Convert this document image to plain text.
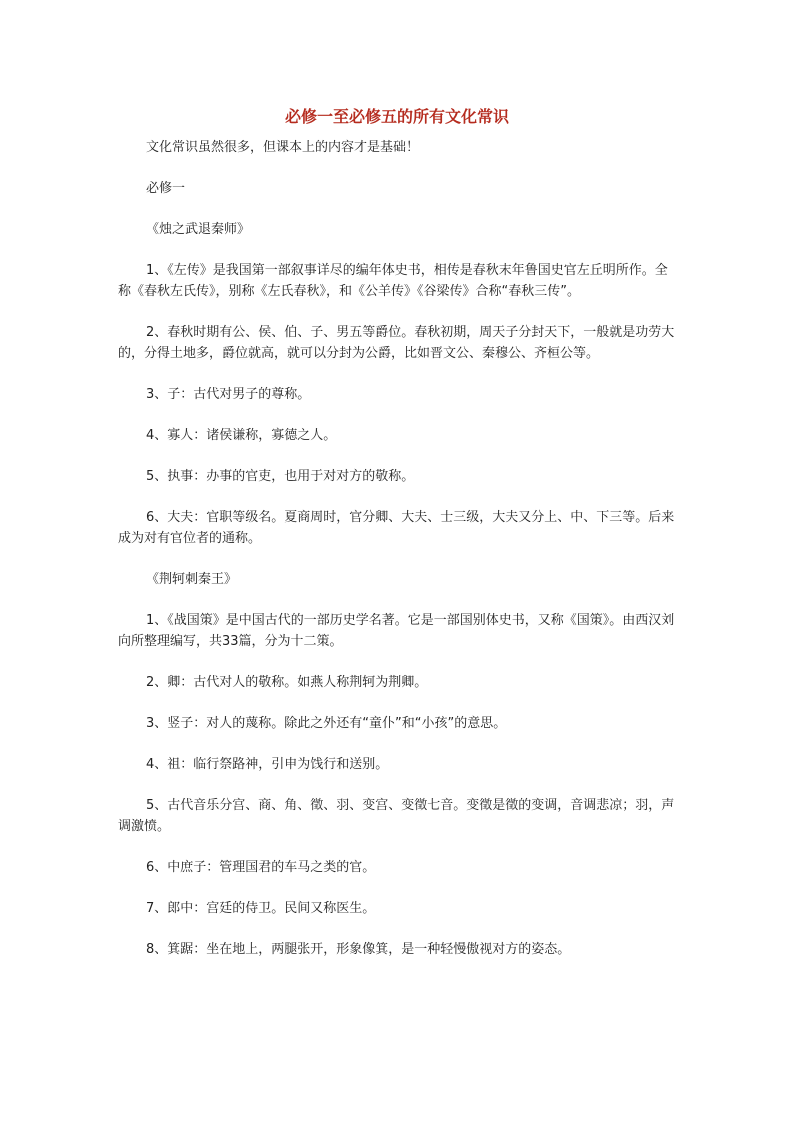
必修一至必修五的所有文化常识

文化常识虽然很多，但课本上的内容才是基础！

必修一

《烛之武退秦师》

1、《左传》是我国第一部叙事详尽的编年体史书，相传是春秋末年鲁国史官左丘明所作。全称《春秋左氏传》，别称《左氏春秋》，和《公羊传》《谷梁传》合称“春秋三传”。

2、春秋时期有公、侯、伯、子、男五等爵位。春秋初期，周天子分封天下，一般就是功劳大的，分得土地多，爵位就高，就可以分封为公爵，比如晋文公、秦穆公、齐桓公等。

3、子：古代对男子的尊称。

4、寡人：诸侯谦称，寡德之人。

5、执事：办事的官吏，也用于对对方的敬称。

6、大夫：官职等级名。夏商周时，官分卿、大夫、士三级，大夫又分上、中、下三等。后来成为对有官位者的通称。

《荆轲刺秦王》

1、《战国策》是中国古代的一部历史学名著。它是一部国别体史书，又称《国策》。由西汉刘向所整理编写，共33篇，分为十二策。

2、卿：古代对人的敬称。如燕人称荆轲为荆卿。

3、竖子：对人的蔑称。除此之外还有“童仆”和“小孩”的意思。

4、祖：临行祭路神，引申为饯行和送别。

5、古代音乐分宫、商、角、徵、羽、变宫、变徵七音。变徵是徵的变调，音调悲凉；羽，声调激愤。

6、中庶子：管理国君的车马之类的官。

7、郎中：宫廷的侍卫。民间又称医生。

8、箕踞：坐在地上，两腿张开，形象像箕，是一种轻慢傲视对方的姿态。
